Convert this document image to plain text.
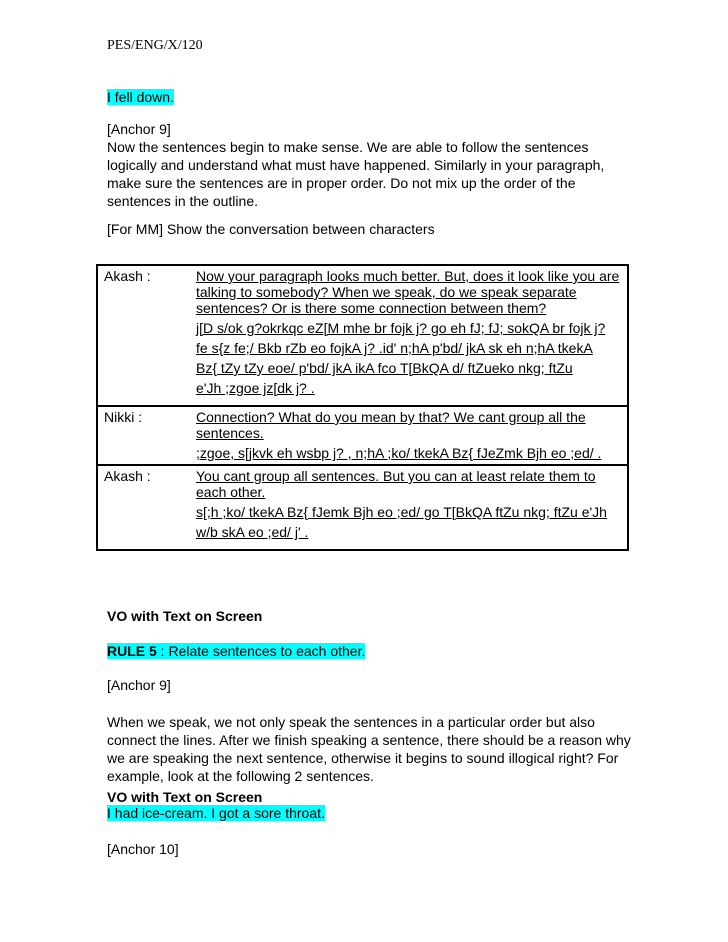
PES/ENG/X/120

I fell down.

[Anchor 9]

Now the sentences begin to make sense. We are able to follow the sentences logically and understand what must have happened. Similarly in your paragraph, make sure the sentences are in proper order. Do not mix up the order of the sentences in the outline.

[For MM] Show the conversation between characters

Akash :	Now your paragraph looks much better. But, does it look like you are talking to somebody? When we speak, do we speak separate sentences? Or is there some connection between them?
j[D s/ok g?okrkqc eZ[M mhe br fojk j? go eh fJ; fJ; sokQA br fojk j?
fe s{z fe;/ Bkb rZb eo fojkA j? .id' n;hA p'bd/ jkA sk eh n;hA tkekA
Bz{ tZy tZy eoe/ p'bd/ jkA ikA fco T[BkQA d/ ftZueko nkg; ftZu
e'Jh ;zgoe jz[dk j? .

Nikki :	Connection? What do you mean by that? We cant group all the sentences.
;zgoe, s[jkvk eh wsbp j? , n;hA ;ko/ tkekA Bz{ fJeZmk Bjh eo ;ed/ .

Akash :	You cant group all sentences. But you can at least relate them to each other.
s[;h ;ko/ tkekA Bz{ fJemk Bjh eo ;ed/ go T[BkQA ftZu nkg; ftZu e'Jh
w/b skA eo ;ed/ j' .

VO with Text on Screen

RULE 5 : Relate sentences to each other.

[Anchor 9]

When we speak, we not only speak the sentences in a particular order but also connect the lines. After we finish speaking a sentence, there should be a reason why we are speaking the next sentence, otherwise it begins to sound illogical right? For example, look at the following 2 sentences.

VO with Text on Screen

I had ice-cream. I got a sore throat.

[Anchor 10]
